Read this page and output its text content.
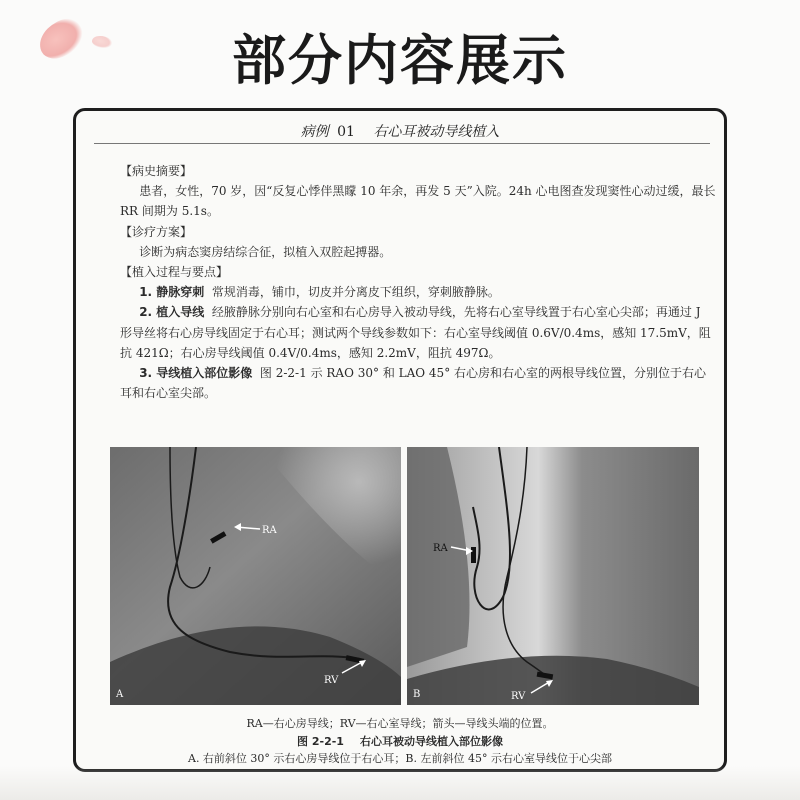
部分内容展示
病例 01 右心耳被动导线植入

【病史摘要】

患者，女性，70 岁，因“反复心悸伴黑矇 10 年余，再发 5 天”入院。24h 心电图查发现窦性心动过缓，最长 RR 间期为 5.1s。

【诊疗方案】

诊断为病态窦房结综合征，拟植入双腔起搏器。

【植入过程与要点】

1. 静脉穿刺 常规消毒，铺巾，切皮并分离皮下组织，穿刺腋静脉。

2. 植入导线 经腋静脉分别向右心室和右心房导入被动导线，先将右心室导线置于右心室心尖部；再通过 J 形导丝将右心房导线固定于右心耳；测试两个导线参数如下：右心室导线阈值 0.6V/0.4ms，感知 17.5mV，阻抗 421Ω；右心房导线阈值 0.4V/0.4ms，感知 2.2mV，阻抗 497Ω。

3. 导线植入部位影像 图 2-2-1 示 RAO 30° 和 LAO 45° 右心房和右心室的两根导线位置，分别位于右心耳和右心室尖部。

RA
RV
A
RA
RV
B
RA—右心房导线；RV—右心室导线；箭头—导线头端的位置。
图 2-2-1 右心耳被动导线植入部位影像
A. 右前斜位 30° 示右心房导线位于右心耳；B. 左前斜位 45° 示右心室导线位于心尖部
